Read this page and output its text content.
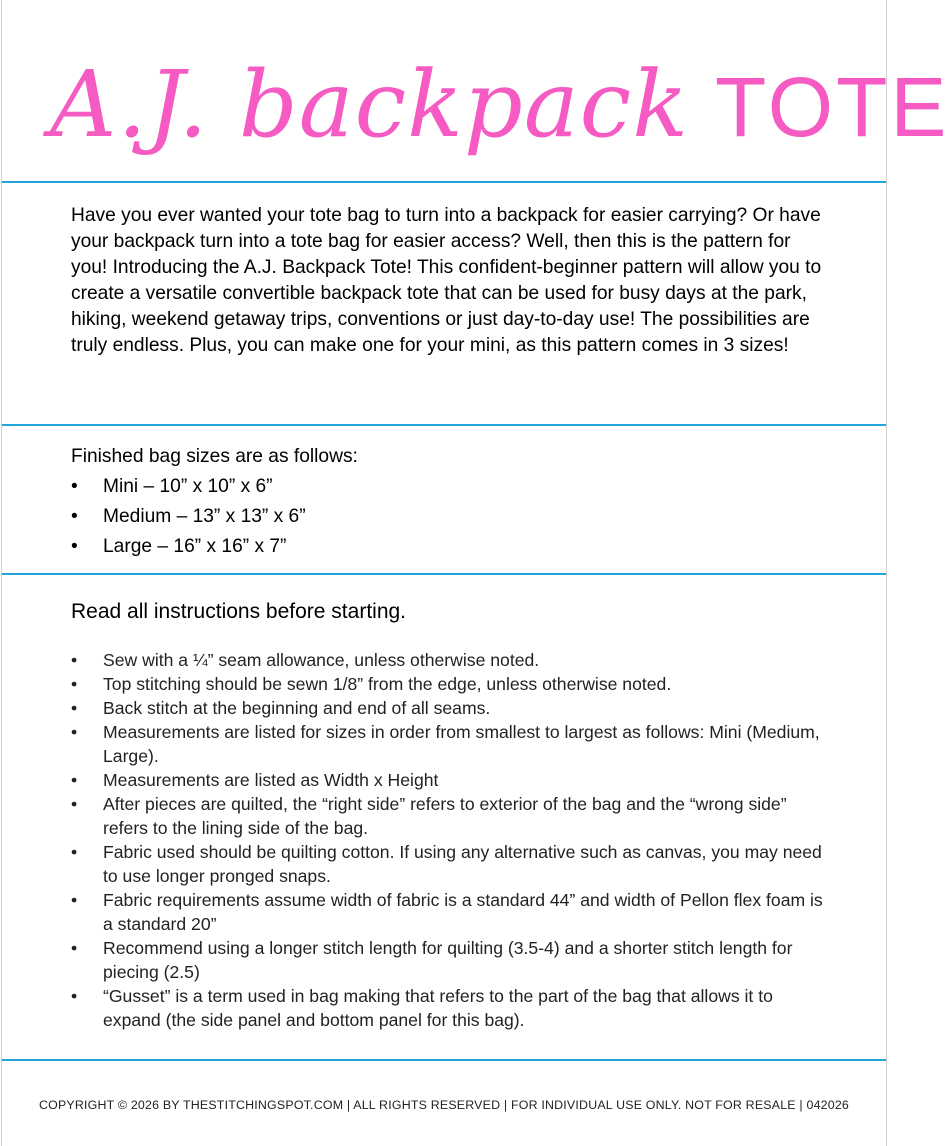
A.J. backpack TOTE

Have you ever wanted your tote bag to turn into a backpack for easier carrying? Or have your backpack turn into a tote bag for easier access? Well, then this is the pattern for you! Introducing the A.J. Backpack Tote! This confident-beginner pattern will allow you to create a versatile convertible backpack tote that can be used for busy days at the park, hiking, weekend getaway trips, conventions or just day-to-day use! The possibilities are truly endless. Plus, you can make one for your mini, as this pattern comes in 3 sizes!

Finished bag sizes are as follows:

• Mini – 10” x 10” x 6”
• Medium – 13” x 13” x 6”
• Large – 16” x 16” x 7”

Read all instructions before starting.

• Sew with a ¼” seam allowance, unless otherwise noted.
• Top stitching should be sewn 1/8” from the edge, unless otherwise noted.
• Back stitch at the beginning and end of all seams.
• Measurements are listed for sizes in order from smallest to largest as follows: Mini (Medium, Large).
• Measurements are listed as Width x Height
• After pieces are quilted, the “right side” refers to exterior of the bag and the “wrong side” refers to the lining side of the bag.
• Fabric used should be quilting cotton. If using any alternative such as canvas, you may need to use longer pronged snaps.
• Fabric requirements assume width of fabric is a standard 44” and width of Pellon flex foam is a standard 20”
• Recommend using a longer stitch length for quilting (3.5-4) and a shorter stitch length for piecing (2.5)
• “Gusset” is a term used in bag making that refers to the part of the bag that allows it to expand (the side panel and bottom panel for this bag).
COPYRIGHT © 2026 BY THESTITCHINGSPOT.COM | ALL RIGHTS RESERVED | FOR INDIVIDUAL USE ONLY. NOT FOR RESALE | 042026
